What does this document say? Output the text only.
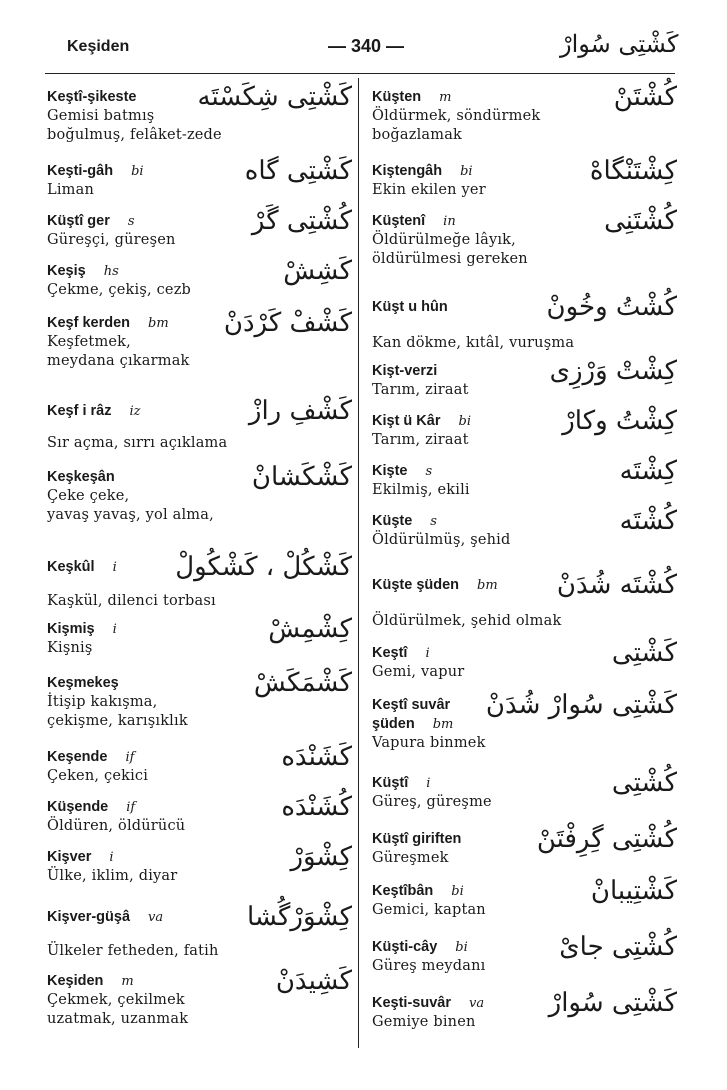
Keşiden	— 340 —	كَشْتِى سُوارْ
Keştî-şikeste
Gemisi batmış
boğulmuş, felâket-zede
كَشْتِى شِكَسْتَه
Keşti-gâh bi
Liman
كَشْتِى گاه
Küştî ger s
Güreşçi, güreşen
كُشْتِى گَرْ
Keşiş hs
Çekme, çekiş, cezb
كَشِشْ
Keşf kerden bm
Keşfetmek,
meydana çıkarmak
كَشْفْ كَرْدَنْ
Keşf i râz iz	كَشْفِ رازْ
Sır açma, sırrı açıklama
Keşkeşân
Çeke çeke,
yavaş yavaş, yol alma,
كَشْكَشانْ
Keşkûl i	كَشْكُلْ ، كَشْكُولْ
Kaşkül, dilenci torbası
Kişmiş i
Kişniş
كِشْمِشْ
Keşmekeş
İtişip kakışma,
çekişme, karışıklık
كَشْمَكَشْ
Keşende if
Çeken, çekici
كَشَنْدَه
Küşende if
Öldüren, öldürücü
كُشَنْدَه
Kişver i
Ülke, iklim, diyar
كِشْوَرْ
Kişver-güşâ va	كِشْوَرْگُشا
Ülkeler fetheden, fatih
Keşiden m
Çekmek, çekilmek
uzatmak, uzanmak
كَشِيدَنْ
Küşten m
Öldürmek, söndürmek
boğazlamak
كُشْتَنْ
Kiştengâh bi
Ekin ekilen yer
كِشْتَنْگاهْ
Küştenî in
Öldürülmeğe lâyık,
öldürülmesi gereken
كُشْتَنِى
Küşt u hûn	كُشْتُ وخُونْ
Kan dökme, kıtâl, vuruşma
Kişt-verzi
Tarım, ziraat
كِشْتْ وَرْزِى
Kişt ü Kâr bi
Tarım, ziraat
كِشْتُ وكارْ
Kişte s
Ekilmiş, ekili
كِشْتَه
Küşte s
Öldürülmüş, şehid
كُشْتَه
Küşte şüden bm	كُشْتَه شُدَنْ
Öldürülmek, şehid olmak
Keştî i
Gemi, vapur
كَشْتِى
Keştî suvâr	كَشْتِى سُوارْ شُدَنْ
şüden bm
Vapura binmek
Küştî i
Güreş, güreşme
كُشْتِى
Küştî giriften
Güreşmek
كُشْتِى گِرِفْتَنْ
Keştîbân bi
Gemici, kaptan
كَشْتِيبانْ
Küşti-cây bi
Güreş meydanı
كُشْتِى جاىْ
Keşti-suvâr va
Gemiye binen
كَشْتِى سُوارْ
